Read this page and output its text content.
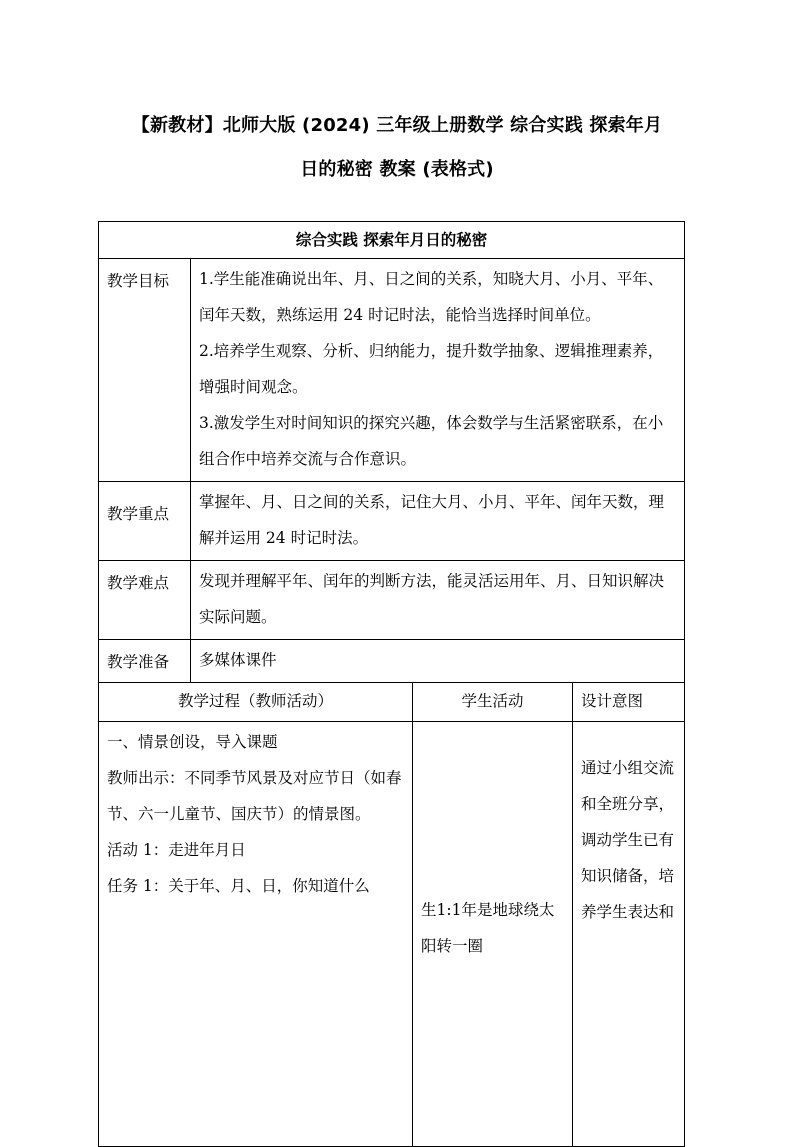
【新教材】北师大版 (2024) 三年级上册数学 综合实践 探索年月
日的秘密 教案 (表格式)
综合实践 探索年月日的秘密			
教学目标	1.学生能准确说出年、月、日之间的关系，知晓大月、小月、平年、闰年天数，熟练运用 24 时记时法，能恰当选择时间单位。

2.培养学生观察、分析、归纳能力，提升数学抽象、逻辑推理素养，增强时间观念。

3.激发学生对时间知识的探究兴趣，体会数学与生活紧密联系，在小组合作中培养交流与合作意识。		

教学重点	掌握年、月、日之间的关系，记住大月、小月、平年、闰年天数，理解并运用 24 时记时法。		
教学难点	发现并理解平年、闰年的判断方法，能灵活运用年、月、日知识解决实际问题。		
教学准备	多媒体课件		
教学过程（教师活动）		学生活动	设计意图

一、情景创设，导入课题
教师出示：不同季节风景及对应节日（如春节、六一儿童节、国庆节）的情景图。
活动 1：走进年月日
任务 1：关于年、月、日，你知道什么		生1:1年是地球绕太阳转一圈	通过小组交流和全班分享，调动学生已有知识储备，培养学生表达和
